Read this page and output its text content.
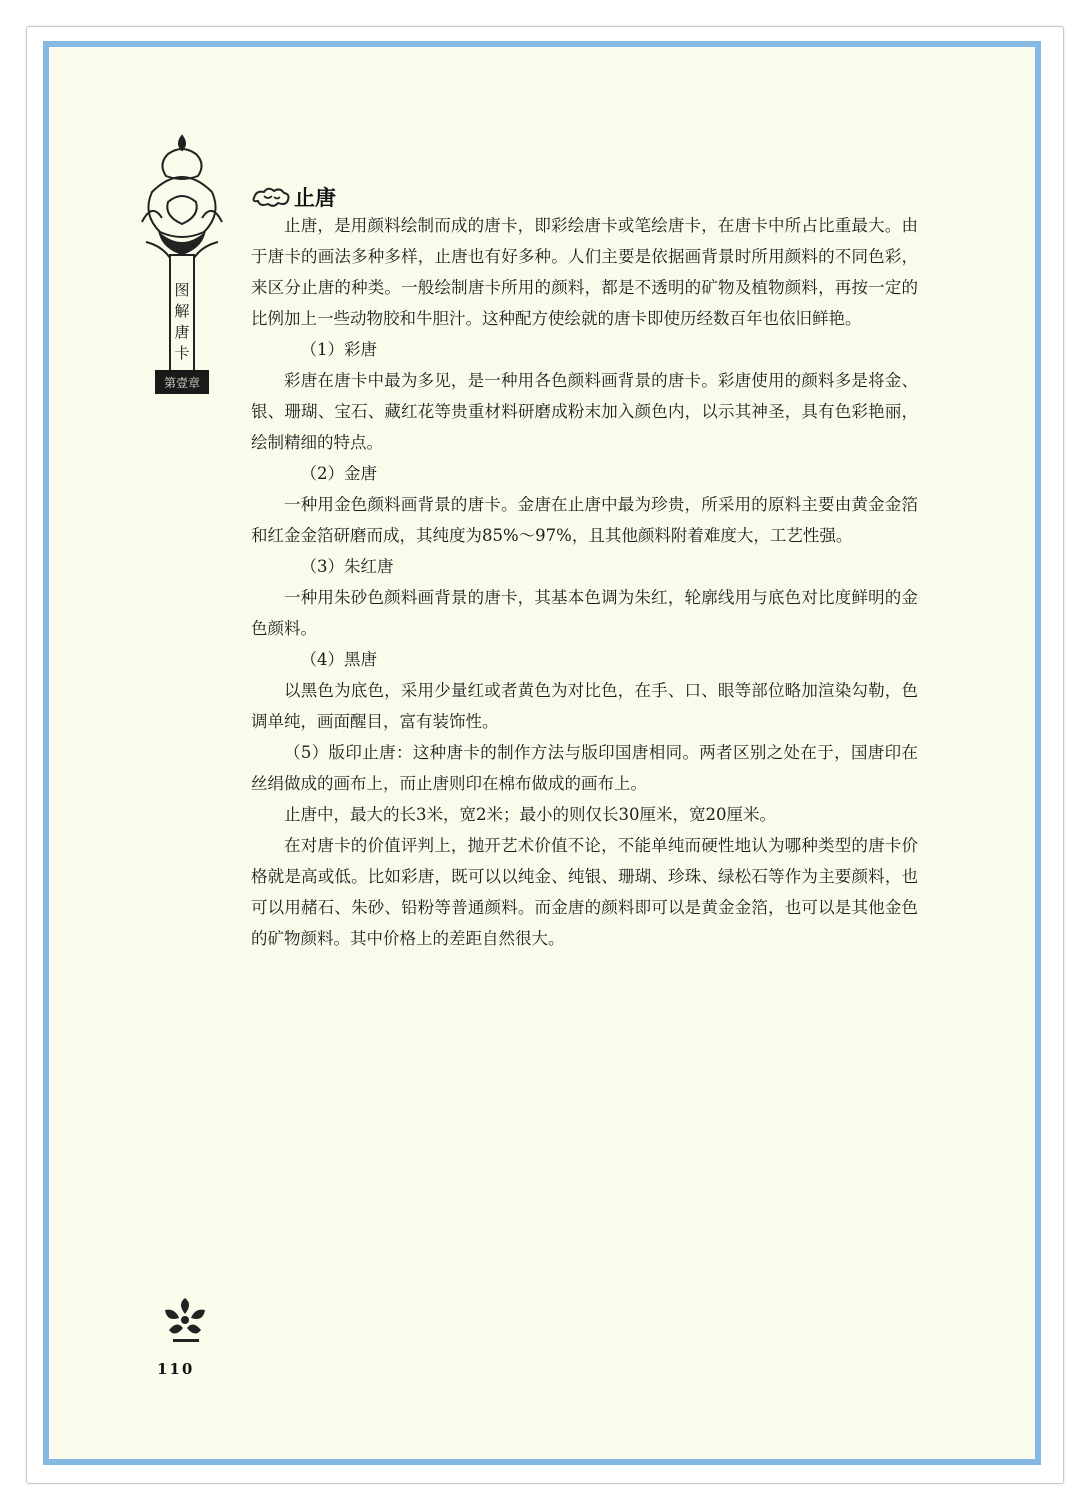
图解唐卡
第壹章
止唐

止唐，是用颜料绘制而成的唐卡，即彩绘唐卡或笔绘唐卡，在唐卡中所占比重最大。由于唐卡的画法多种多样，止唐也有好多种。人们主要是依据画背景时所用颜料的不同色彩，来区分止唐的种类。一般绘制唐卡所用的颜料，都是不透明的矿物及植物颜料，再按一定的比例加上一些动物胶和牛胆汁。这种配方使绘就的唐卡即使历经数百年也依旧鲜艳。

（1）彩唐

彩唐在唐卡中最为多见，是一种用各色颜料画背景的唐卡。彩唐使用的颜料多是将金、银、珊瑚、宝石、藏红花等贵重材料研磨成粉末加入颜色内，以示其神圣，具有色彩艳丽，绘制精细的特点。

（2）金唐

一种用金色颜料画背景的唐卡。金唐在止唐中最为珍贵，所采用的原料主要由黄金金箔和红金金箔研磨而成，其纯度为85%～97%，且其他颜料附着难度大，工艺性强。

（3）朱红唐

一种用朱砂色颜料画背景的唐卡，其基本色调为朱红，轮廓线用与底色对比度鲜明的金色颜料。

（4）黑唐

以黑色为底色，采用少量红或者黄色为对比色，在手、口、眼等部位略加渲染勾勒，色调单纯，画面醒目，富有装饰性。

（5）版印止唐：这种唐卡的制作方法与版印国唐相同。两者区别之处在于，国唐印在丝绢做成的画布上，而止唐则印在棉布做成的画布上。

止唐中，最大的长3米，宽2米；最小的则仅长30厘米，宽20厘米。

在对唐卡的价值评判上，抛开艺术价值不论，不能单纯而硬性地认为哪种类型的唐卡价格就是高或低。比如彩唐，既可以以纯金、纯银、珊瑚、珍珠、绿松石等作为主要颜料，也可以用赭石、朱砂、铅粉等普通颜料。而金唐的颜料即可以是黄金金箔，也可以是其他金色的矿物颜料。其中价格上的差距自然很大。

110
